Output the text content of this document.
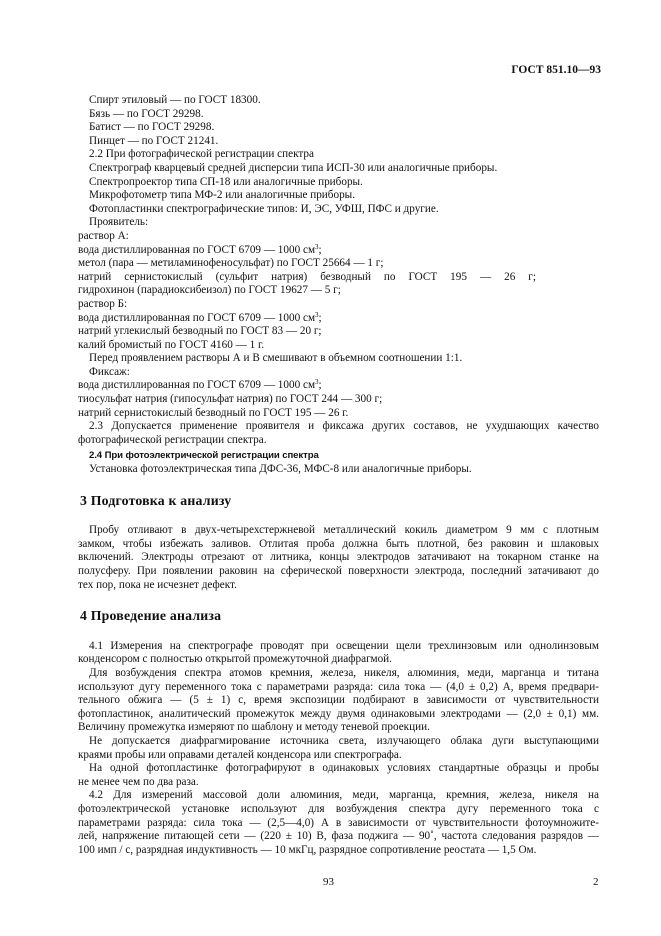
ГОСТ 851.10—93
Спирт этиловый — по ГОСТ 18300.
Бязь — по ГОСТ 29298.
Батист — по ГОСТ 29298.
Пинцет — по ГОСТ 21241.
2.2 При фотографической регистрации спектра
Спектрограф кварцевый средней дисперсии типа ИСП-30 или аналогичные приборы.
Спектропроектор типа СП-18 или аналогичные приборы.
Микрофотометр типа МФ-2 или аналогичные приборы.
Фотопластинки спектрографические типов: И, ЭС, УФШ, ПФС и другие.
Проявитель:
раствор А:
вода дистиллированная по ГОСТ 6709 — 1000 $см^3$;
метол (пара — метиламинофеносульфат) по ГОСТ 25664 — 1 г;
натрий сернистокислый (сульфит натрия) безводный по ГОСТ 195 — 26 г;
гидрохинон (парадиоксибеизол) по ГОСТ 19627 — 5 г;
раствор Б:
вода дистиллированная по ГОСТ 6709 — 1000 $см^3$;
натрий углекислый безводный по ГОСТ 83 — 20 г;
калий бромистый по ГОСТ 4160 — 1 г.
Перед проявлением растворы А и В смешивают в объемном соотношении 1:1.
Фиксаж:
вода дистиллированная по ГОСТ 6709 — 1000 $см^3$;
тиосульфат натрия (гипосульфат натрия) по ГОСТ 244 — 300 г;
натрий сернистокислый безводный по ГОСТ 195 — 26 г.
2.3 Допускается применение проявителя и фиксажа других составов, не ухудшающих качество
фотографической регистрации спектра.
2.4 При фотоэлектрической регистрации спектра
Установка фотоэлектрическая типа ДФС-36, МФС-8 или аналогичные приборы.
3 Подготовка к анализу
Пробу отливают в двух-четырехстержневой металлический кокиль диаметром 9 мм с плотным
замком, чтобы избежать заливов. Отлитая проба должна быть плотной, без раковин и шлаковых
включений. Электроды отрезают от литника, концы электродов затачивают на токарном станке на
полусферу. При появлении раковин на сферической поверхности электрода, последний затачивают до
тех пор, пока не исчезнет дефект.
4 Проведение анализа
4.1 Измерения на спектрографе проводят при освещении щели трехлинзовым или однолинзовым
конденсором с полностью открытой промежуточной диафрагмой.
Для возбуждения спектра атомов кремния, железа, никеля, алюминия, меди, марганца и титана
используют дугу переменного тока с параметрами разряда: сила тока — (4,0 ± 0,2) А, время предвари-
тельного обжига — (5 ± 1) с, время экспозиции подбирают в зависимости от чувствительности
фотопластинок, аналитический промежуток между двумя одинаковыми электродами — (2,0 ± 0,1) мм.
Величину промежутка измеряют по шаблону и методу теневой проекции.
Не допускается диафрагмирование источника света, излучающего облака дуги выступающими
краями пробы или оправами деталей конденсора или спектрографа.
На одной фотопластинке фотографируют в одинаковых условиях стандартные образцы и пробы
не менее чем по два раза.
4.2 Для измерений массовой доли алюминия, меди, марганца, кремния, железа, никеля на
фотоэлектрической установке используют для возбуждения спектра дугу переменного тока с
параметрами разряда: сила тока — (2,5—4,0) А в зависимости от чувствительности фотоумножите-
лей, напряжение питающей сети — (220 ± 10) В, фаза поджига — 90˚, частота следования разрядов —
100 имп / с, разрядная индуктивность — 10 мкГц, разрядное сопротивление реостата — 1,5 Ом.
93	2
